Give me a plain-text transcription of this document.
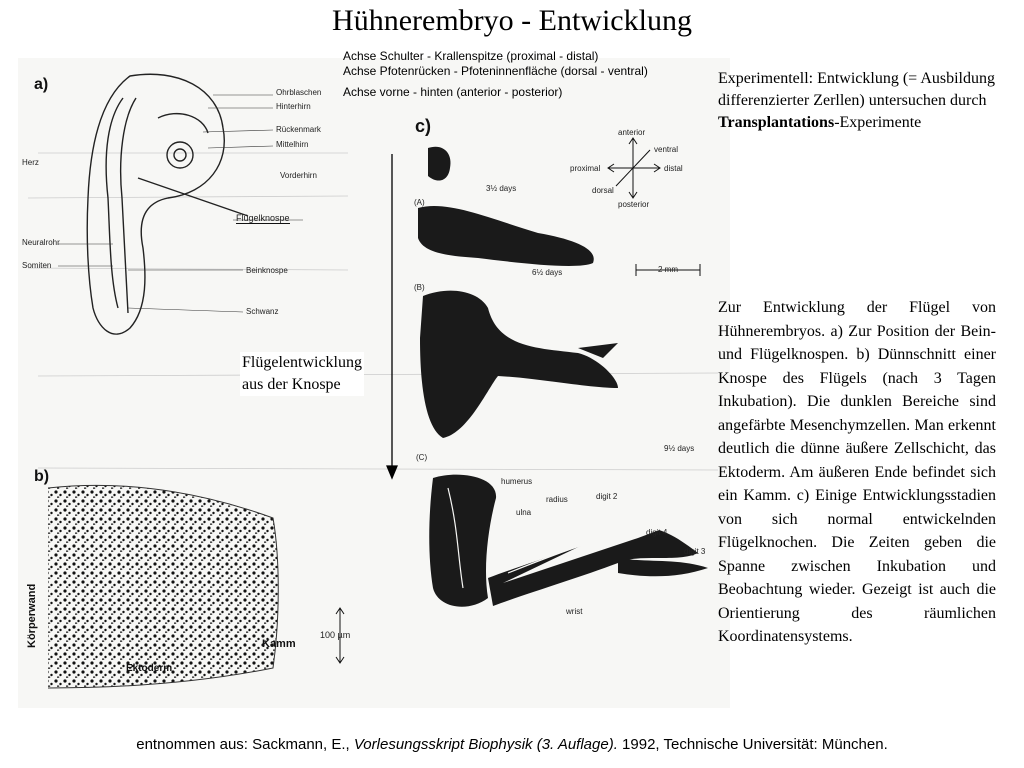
Hühnerembryo - Entwicklung
a)
b)
c)
Ohrblaschen
Hinterhirn
Rückenmark
Mittelhirn
Vorderhirn
Herz
Flügelknospe
Neuralrohr
Somiten
Beinknospe
Schwanz
Körperwand
Ektoderm
Kamm
100 µm
anterior
posterior
proximal	distal
dorsal
ventral
3½ days
(A)
6½ days
(B)
9½ days
(C)
2 mm
humerus
radius
ulna
digit 2
digit 4
digit 3
wrist
Achse Schulter - Krallenspitze (proximal - distal)
Achse Pfotenrücken - Pfoteninnenfläche (dorsal - ventral)
Achse vorne - hinten (anterior - posterior)
Flügelentwicklung
aus der Knospe
Experimentell: Entwicklung (= Ausbildung differenzierter Zerllen) untersuchen durch Transplantations-Experimente
Zur Entwicklung der Flügel von Hühnerembryos. a) Zur Position der Bein- und Flügelknospen. b) Dünnschnitt einer Knospe des Flügels (nach 3 Tagen Inkubation). Die dunklen Bereiche sind angefärbte Mesenchymzellen. Man erkennt deutlich die dünne äußere Zellschicht, das Ektoderm. Am äußeren Ende befindet sich ein Kamm. c) Einige Entwicklungsstadien von sich normal entwickelnden Flügelknochen. Die Zeiten geben die Spanne zwischen Inkubation und Beobachtung wieder. Gezeigt ist auch die Orientierung des räumlichen Koordinatensystems.
entnommen aus: Sackmann, E., Vorlesungsskript Biophysik (3. Auflage). 1992, Technische Universität: München.
